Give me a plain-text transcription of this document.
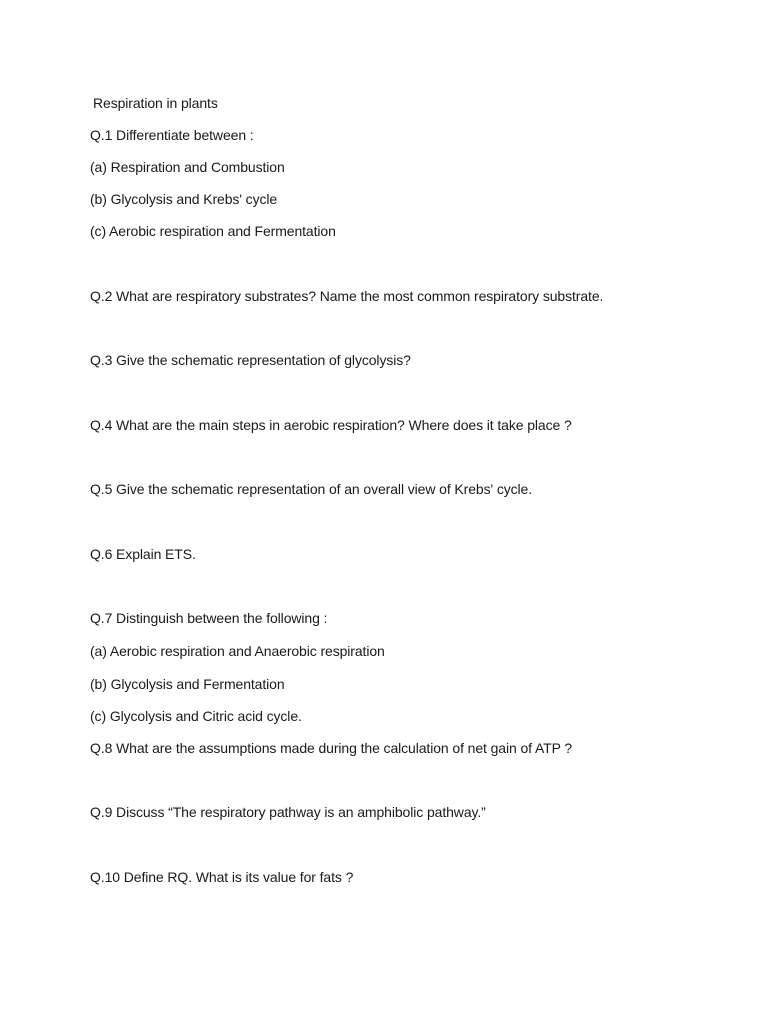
Respiration in plants
Q.1 Differentiate between :
(a) Respiration and Combustion
(b) Glycolysis and Krebs' cycle
(c) Aerobic respiration and Fermentation
Q.2 What are respiratory substrates? Name the most common respiratory substrate.
Q.3 Give the schematic representation of glycolysis?
Q.4 What are the main steps in aerobic respiration? Where does it take place ?
Q.5 Give the schematic representation of an overall view of Krebs' cycle.
Q.6 Explain ETS.
Q.7 Distinguish between the following :
(a) Aerobic respiration and Anaerobic respiration
(b) Glycolysis and Fermentation
(c) Glycolysis and Citric acid cycle.
Q.8 What are the assumptions made during the calculation of net gain of ATP ?
Q.9 Discuss “The respiratory pathway is an amphibolic pathway.”
Q.10 Define RQ. What is its value for fats ?
